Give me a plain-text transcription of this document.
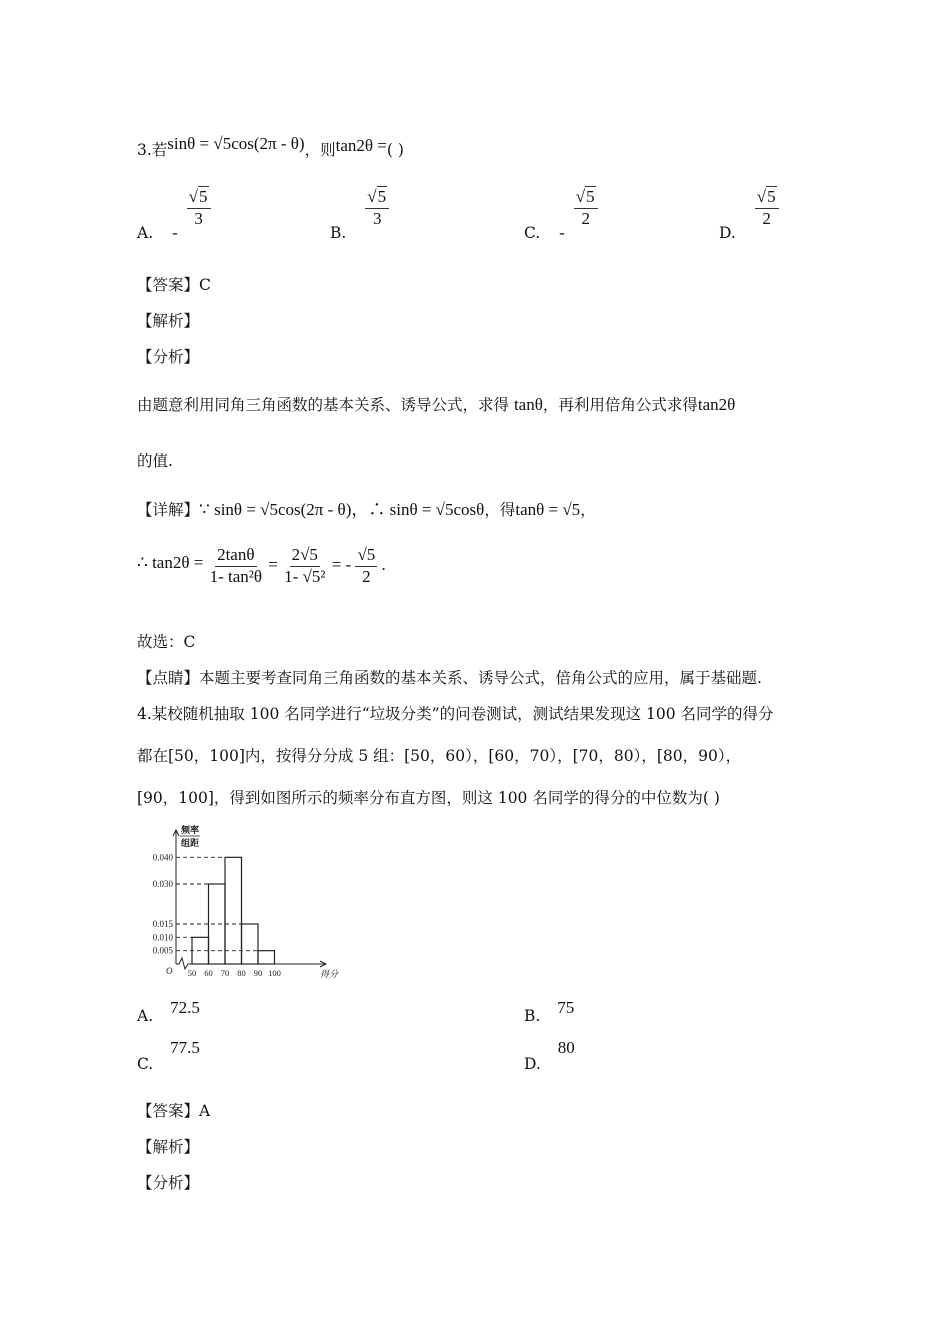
3.若sinθ = √5cos(2π - θ)，则tan2θ =( )
A. -
$\frac{√5}{3}$
B.
$\frac{√5}{3}$
C. -
$\frac{√5}{2}$
D.
$\frac{√5}{2}$
【答案】C
【解析】
【分析】
由题意利用同角三角函数的基本关系、诱导公式，求得 tanθ，再利用倍角公式求得tan2θ
的值.
【详解】∵ sinθ = √5cos(2π - θ)，∴ sinθ = √5cosθ，得tanθ = √5，
∴ $\tan 2\theta = \frac{2\tan\theta}{\text{1- tan²θ}} = \frac{2√5}{\text{1- √5²}}$ = - $\frac{√5}{2}$ .
故选：C
【点睛】本题主要考查同角三角函数的基本关系、诱导公式，倍角公式的应用，属于基础题.
4.某校随机抽取 100 名同学进行“垃圾分类”的问卷测试，测试结果发现这 100 名同学的得分
都在[50，100]内，按得分分成 5 组：[50，60），[60，70），[70，80），[80，90），
[90，100]，得到如图所示的频率分布直方图，则这 100 名同学的得分的中位数为( )
0.040
0.030
0.015
0.010
0.005
50 60 70 80 90 100
O
频率
组距
得分
A. 72.5	B. 75
C. 77.5
D. 80
【答案】A
【解析】
【分析】
